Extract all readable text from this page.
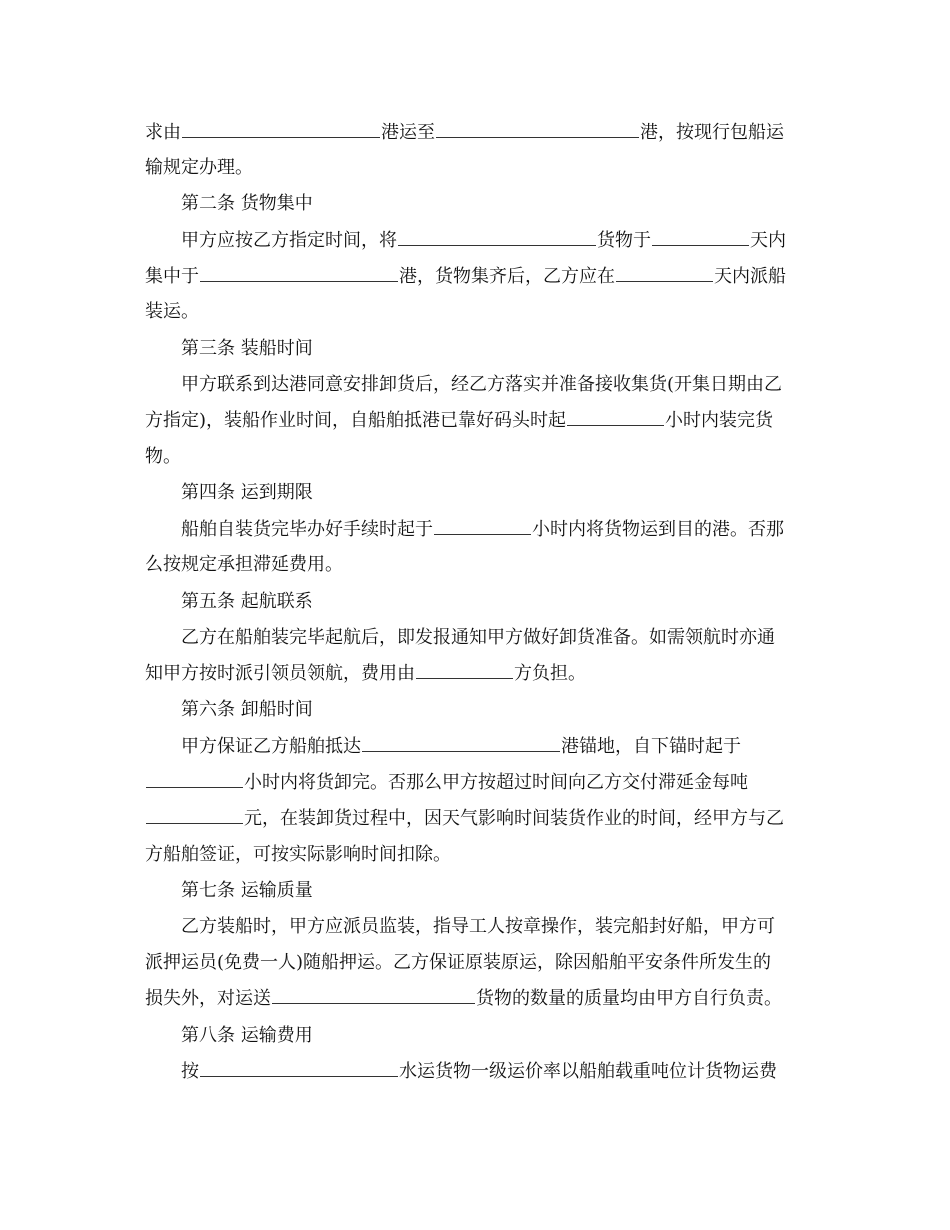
求由	港运至	港，按现行包船运
输规定办理。
第二条 货物集中
甲方应按乙方指定时间，将	货物于	天内
集中于	港，货物集齐后，乙方应在	天内派船
装运。
第三条 装船时间
甲方联系到达港同意安排卸货后，经乙方落实并准备接收集货(开集日期由乙
方指定)，装船作业时间，自船舶抵港已靠好码头时起	小时内装完货
物。
第四条 运到期限
船舶自装货完毕办好手续时起于	小时内将货物运到目的港。否那
么按规定承担滞延费用。
第五条 起航联系
乙方在船舶装完毕起航后，即发报通知甲方做好卸货准备。如需领航时亦通
知甲方按时派引领员领航，费用由	方负担。
第六条 卸船时间
甲方保证乙方船舶抵达	港锚地，自下锚时起于
小时内将货卸完。否那么甲方按超过时间向乙方交付滞延金每吨
元，在装卸货过程中，因天气影响时间装货作业的时间，经甲方与乙
方船舶签证，可按实际影响时间扣除。
第七条 运输质量
乙方装船时，甲方应派员监装，指导工人按章操作，装完船封好船，甲方可
派押运员(免费一人)随船押运。乙方保证原装原运，除因船舶平安条件所发生的
损失外，对运送	货物的数量的质量均由甲方自行负责。
第八条 运输费用
按	水运货物一级运价率以船舶载重吨位计货物运费
